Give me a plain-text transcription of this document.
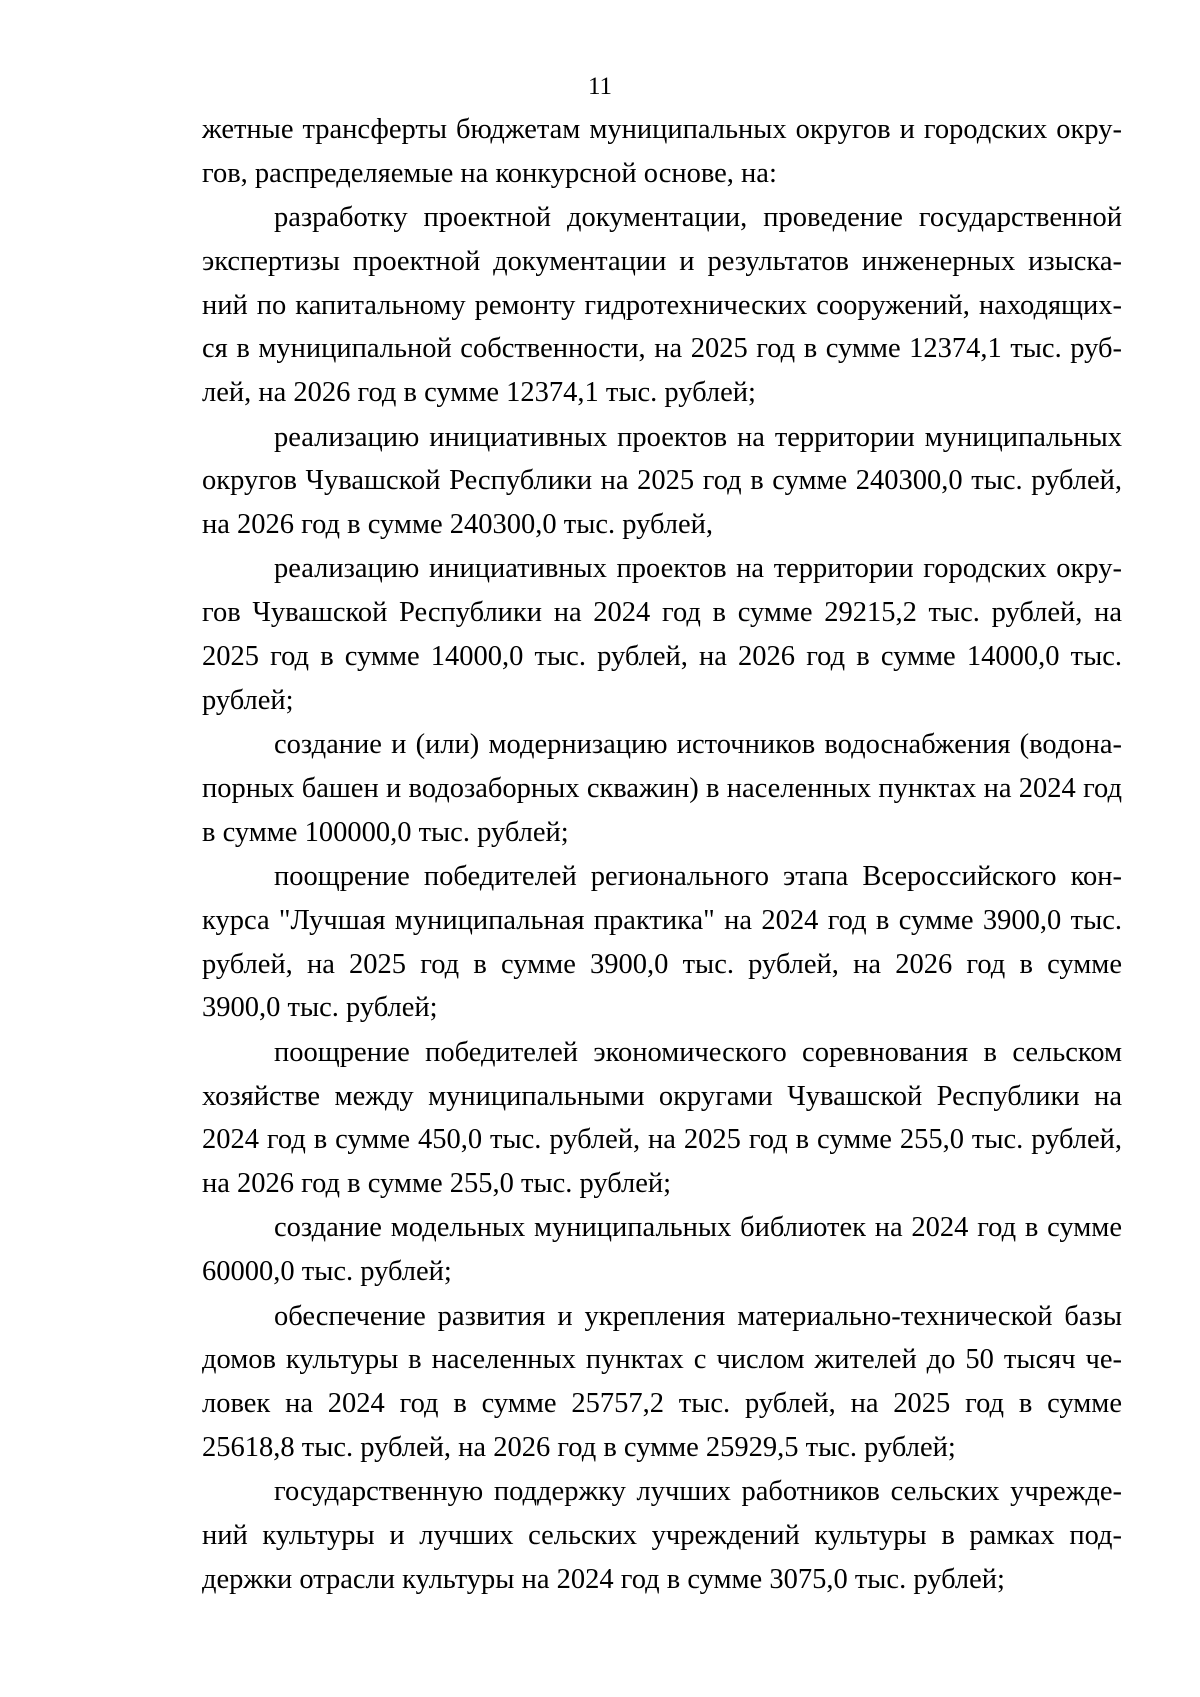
11
жетные трансферты бюджетам муниципальных округов и городских окру-
гов, распределяемые на конкурсной основе, на:
разработку проектной документации, проведение государственной
экспертизы проектной документации и результатов инженерных изыска-
ний по капитальному ремонту гидротехнических сооружений, находящих-
ся в муниципальной собственности, на 2025 год в сумме 12374,1 тыс. руб-
лей, на 2026 год в сумме 12374,1 тыс. рублей;
реализацию инициативных проектов на территории муниципальных
округов Чувашской Республики на 2025 год в сумме 240300,0 тыс. рублей,
на 2026 год в сумме 240300,0 тыс. рублей,
реализацию инициативных проектов на территории городских окру-
гов Чувашской Республики на 2024 год в сумме 29215,2 тыс. рублей, на
2025 год в сумме 14000,0 тыс. рублей, на 2026 год в сумме 14000,0 тыс.
рублей;
создание и (или) модернизацию источников водоснабжения (водона-
порных башен и водозаборных скважин) в населенных пунктах на 2024 год
в сумме 100000,0 тыс. рублей;
поощрение победителей регионального этапа Всероссийского кон-
курса "Лучшая муниципальная практика" на 2024 год в сумме 3900,0 тыс.
рублей, на 2025 год в сумме 3900,0 тыс. рублей, на 2026 год в сумме
3900,0 тыс. рублей;
поощрение победителей экономического соревнования в сельском
хозяйстве между муниципальными округами Чувашской Республики на
2024 год в сумме 450,0 тыс. рублей, на 2025 год в сумме 255,0 тыс. рублей,
на 2026 год в сумме 255,0 тыс. рублей;
создание модельных муниципальных библиотек на 2024 год в сумме
60000,0 тыс. рублей;
обеспечение развития и укрепления материально-технической базы
домов культуры в населенных пунктах с числом жителей до 50 тысяч че-
ловек на 2024 год в сумме 25757,2 тыс. рублей, на 2025 год в сумме
25618,8 тыс. рублей, на 2026 год в сумме 25929,5 тыс. рублей;
государственную поддержку лучших работников сельских учрежде-
ний культуры и лучших сельских учреждений культуры в рамках под-
держки отрасли культуры на 2024 год в сумме 3075,0 тыс. рублей;
